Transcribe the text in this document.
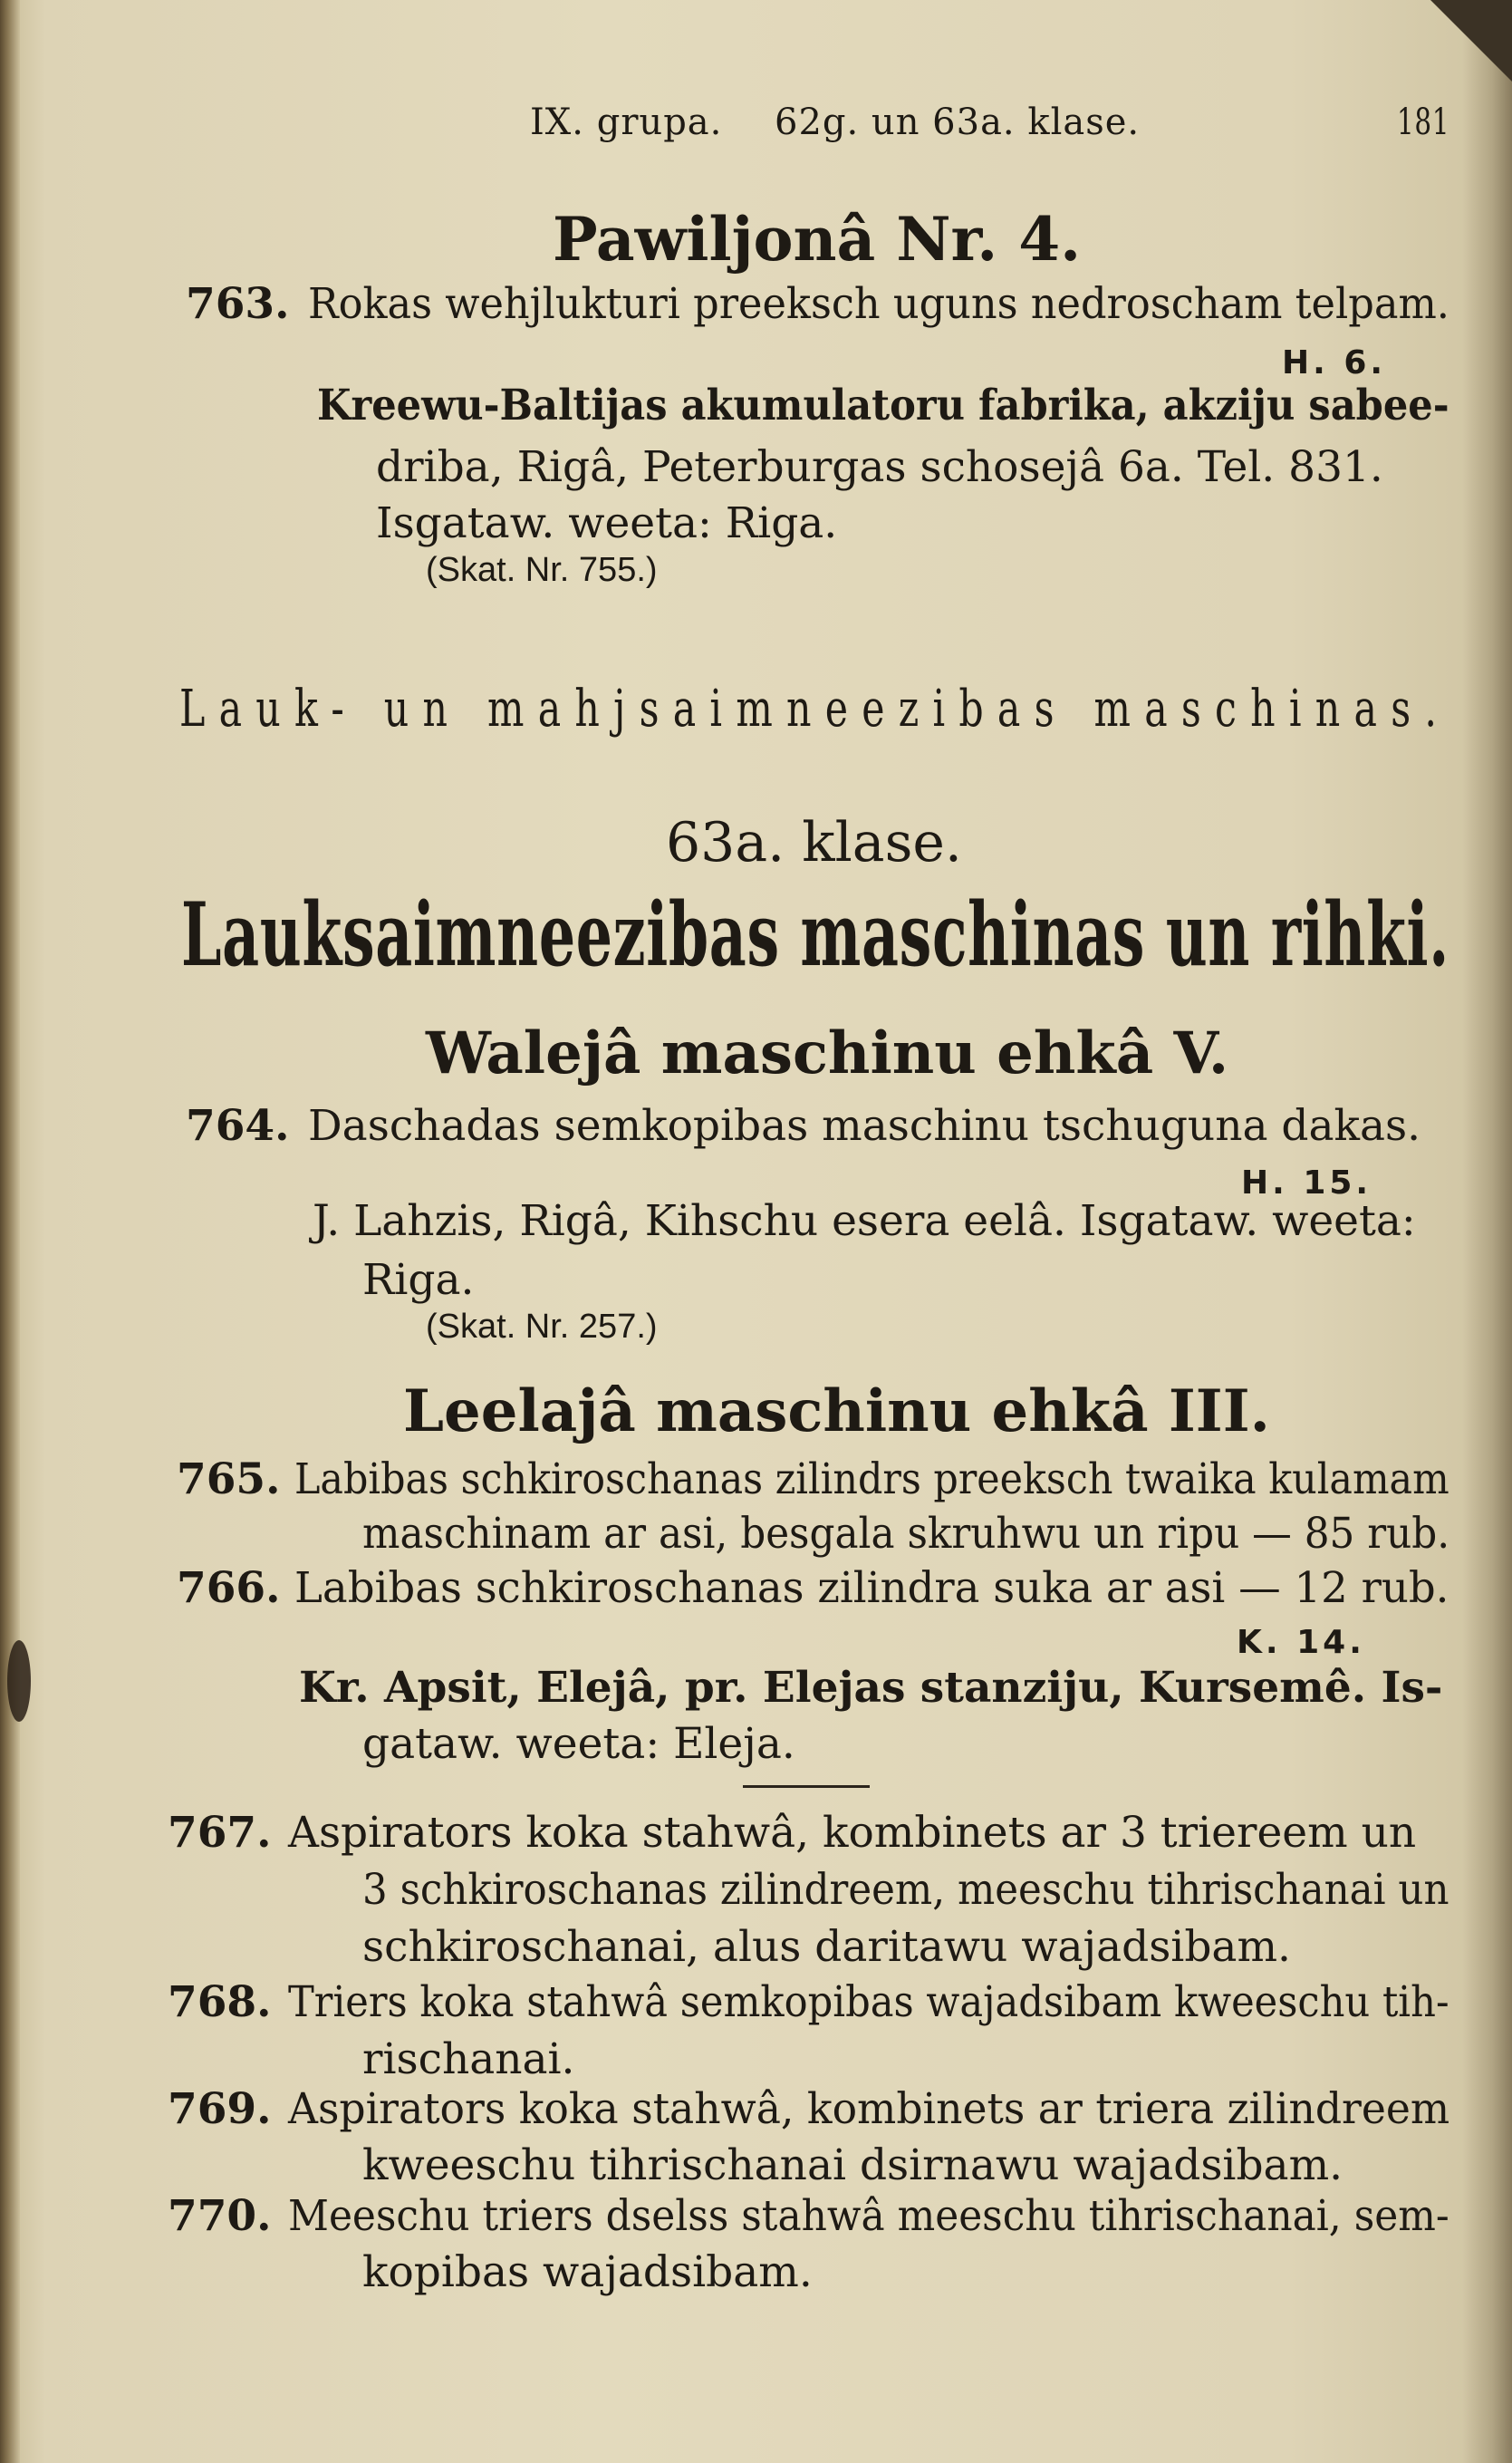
IX. grupa. 62g. un 63a. klase.	181

Pawiljonâ Nr. 4.

763. Rokas wehjlukturi preeksch uguns nedroscham telpam.

H. 6.

Kreewu-Baltijas akumulatoru fabrika, akziju sabee-

driba, Rigâ, Peterburgas schosejâ 6a. Tel. 831.

Isgataw. weeta: Riga.

(Skat. Nr. 755.)

Lauk- un mahjsaimneezibas maschinas.

63a. klase.

Lauksaimneezibas maschinas un rihki.

Walejâ maschinu ehkâ V.

764. Daschadas semkopibas maschinu tschuguna dakas.

H. 15.

J. Lahzis, Rigâ, Kihschu esera eelâ. Isgataw. weeta:

Riga.

(Skat. Nr. 257.)

Leelajâ maschinu ehkâ III.

765. Labibas schkiroschanas zilindrs preeksch twaika kulamam

maschinam ar asi, besgala skruhwu un ripu — 85 rub.

766. Labibas schkiroschanas zilindra suka ar asi — 12 rub.

K. 14.

Kr. Apsit, Elejâ, pr. Elejas stanziju, Kursemê. Is-

gataw. weeta: Eleja.

767. Aspirators koka stahwâ, kombinets ar 3 triereem un

3 schkiroschanas zilindreem, meeschu tihrischanai un

schkiroschanai, alus daritawu wajadsibam.

768. Triers koka stahwâ semkopibas wajadsibam kweeschu tih-

rischanai.

769. Aspirators koka stahwâ, kombinets ar triera zilindreem

kweeschu tihrischanai dsirnawu wajadsibam.

770. Meeschu triers dselss stahwâ meeschu tihrischanai, sem-

kopibas wajadsibam.
